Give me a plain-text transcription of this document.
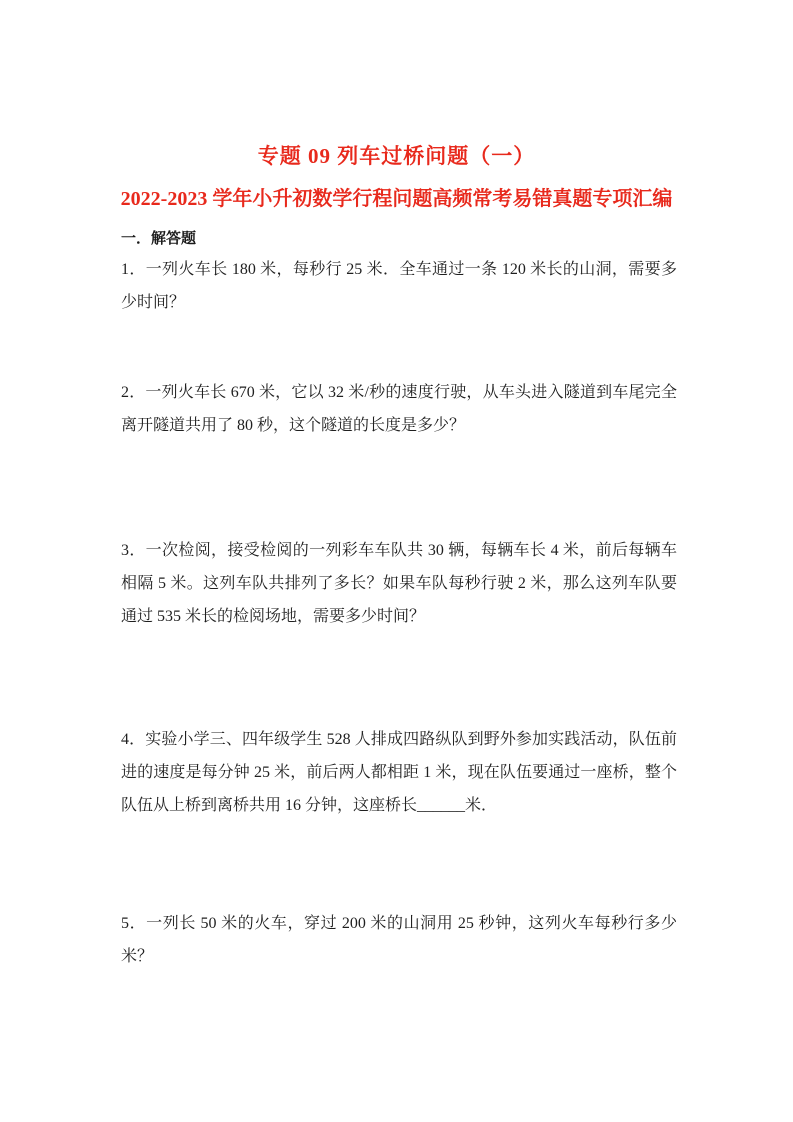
专题 09 列车过桥问题（一）
2022-2023 学年小升初数学行程问题高频常考易错真题专项汇编
一．解答题
1．一列火车长 180 米，每秒行 25 米．全车通过一条 120 米长的山洞，需要多少时间？
2．一列火车长 670 米，它以 32 米/秒的速度行驶，从车头进入隧道到车尾完全离开隧道共用了 80 秒，这个隧道的长度是多少？
3．一次检阅，接受检阅的一列彩车车队共 30 辆，每辆车长 4 米，前后每辆车相隔 5 米。这列车队共排列了多长？如果车队每秒行驶 2 米，那么这列车队要通过 535 米长的检阅场地，需要多少时间？
4．实验小学三、四年级学生 528 人排成四路纵队到野外参加实践活动，队伍前进的速度是每分钟 25 米，前后两人都相距 1 米，现在队伍要通过一座桥，整个队伍从上桥到离桥共用 16 分钟，这座桥长______米．
5．一列长 50 米的火车，穿过 200 米的山洞用 25 秒钟，这列火车每秒行多少米？
